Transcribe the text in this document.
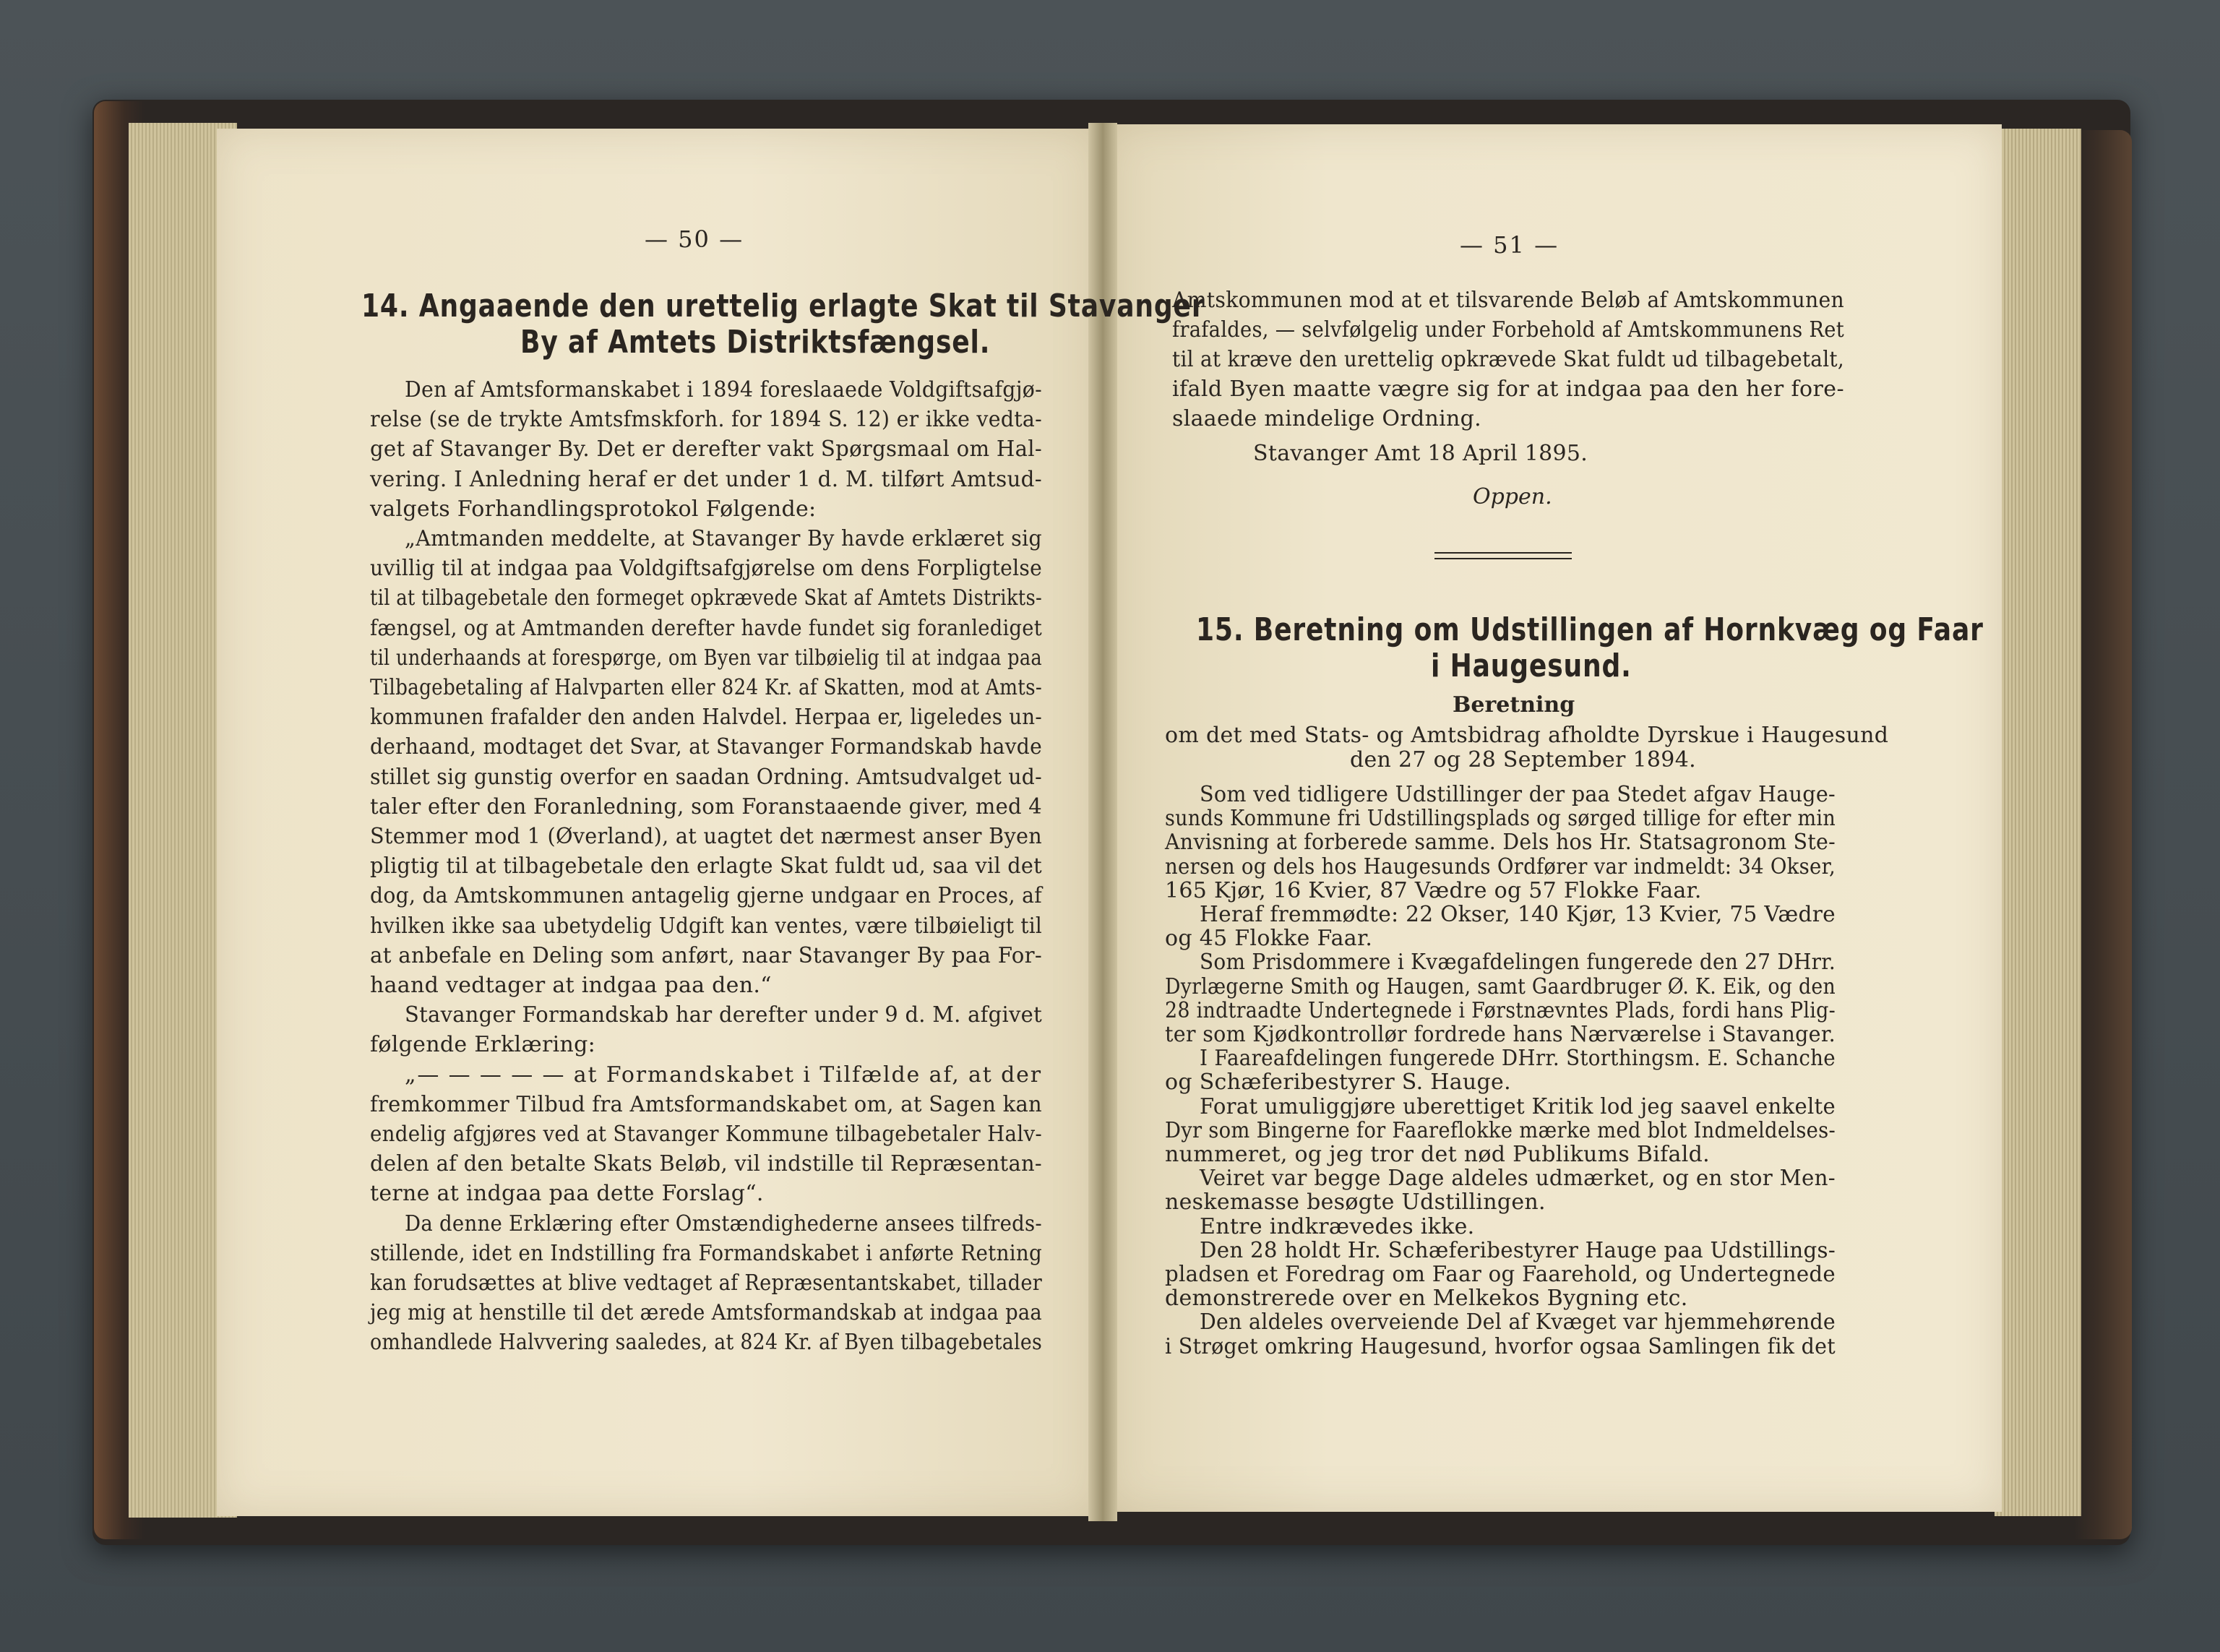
— 50 —
14. Angaaende den urettelig erlagte Skat til Stavanger
By af Amtets Distriktsfængsel.
Den af Amtsformanskabet i 1894 foreslaaede Voldgiftsafgjø-
relse (se de trykte Amtsfmskforh. for 1894 S. 12) er ikke vedta-
get af Stavanger By. Det er derefter vakt Spørgsmaal om Hal-
vering. I Anledning heraf er det under 1 d. M. tilført Amtsud-
valgets Forhandlingsprotokol Følgende:
„Amtmanden meddelte, at Stavanger By havde erklæret sig
uvillig til at indgaa paa Voldgiftsafgjørelse om dens Forpligtelse
til at tilbagebetale den formeget opkrævede Skat af Amtets Distrikts-
fængsel, og at Amtmanden derefter havde fundet sig foranlediget
til underhaands at forespørge, om Byen var tilbøielig til at indgaa paa
Tilbagebetaling af Halvparten eller 824 Kr. af Skatten, mod at Amts-
kommunen frafalder den anden Halvdel. Herpaa er, ligeledes un-
derhaand, modtaget det Svar, at Stavanger Formandskab havde
stillet sig gunstig overfor en saadan Ordning. Amtsudvalget ud-
taler efter den Foranledning, som Foranstaaende giver, med 4
Stemmer mod 1 (Øverland), at uagtet det nærmest anser Byen
pligtig til at tilbagebetale den erlagte Skat fuldt ud, saa vil det
dog, da Amtskommunen antagelig gjerne undgaar en Proces, af
hvilken ikke saa ubetydelig Udgift kan ventes, være tilbøieligt til
at anbefale en Deling som anført, naar Stavanger By paa For-
haand vedtager at indgaa paa den.“
Stavanger Formandskab har derefter under 9 d. M. afgivet
følgende Erklæring:
„— — — — — at Formandskabet i Tilfælde af, at der
fremkommer Tilbud fra Amtsformandskabet om, at Sagen kan
endelig afgjøres ved at Stavanger Kommune tilbagebetaler Halv-
delen af den betalte Skats Beløb, vil indstille til Repræsentan-
terne at indgaa paa dette Forslag“.
Da denne Erklæring efter Omstændighederne ansees tilfreds-
stillende, idet en Indstilling fra Formandskabet i anførte Retning
kan forudsættes at blive vedtaget af Repræsentantskabet, tillader
jeg mig at henstille til det ærede Amtsformandskab at indgaa paa
omhandlede Halvvering saaledes, at 824 Kr. af Byen tilbagebetales
— 51 —
Amtskommunen mod at et tilsvarende Beløb af Amtskommunen
frafaldes, — selvfølgelig under Forbehold af Amtskommunens Ret
til at kræve den urettelig opkrævede Skat fuldt ud tilbagebetalt,
ifald Byen maatte vægre sig for at indgaa paa den her fore-
slaaede mindelige Ordning.
Stavanger Amt 18 April 1895.
Oppen.
15. Beretning om Udstillingen af Hornkvæg og Faar
i Haugesund.
Beretning
om det med Stats- og Amtsbidrag afholdte Dyrskue i Haugesund
den 27 og 28 September 1894.
Som ved tidligere Udstillinger der paa Stedet afgav Hauge-
sunds Kommune fri Udstillingsplads og sørged tillige for efter min
Anvisning at forberede samme. Dels hos Hr. Statsagronom Ste-
nersen og dels hos Haugesunds Ordfører var indmeldt: 34 Okser,
165 Kjør, 16 Kvier, 87 Vædre og 57 Flokke Faar.
Heraf fremmødte: 22 Okser, 140 Kjør, 13 Kvier, 75 Vædre
og 45 Flokke Faar.
Som Prisdommere i Kvægafdelingen fungerede den 27 DHrr.
Dyrlægerne Smith og Haugen, samt Gaardbruger Ø. K. Eik, og den
28 indtraadte Undertegnede i Førstnævntes Plads, fordi hans Plig-
ter som Kjødkontrollør fordrede hans Nærværelse i Stavanger.
I Faareafdelingen fungerede DHrr. Storthingsm. E. Schanche
og Schæferibestyrer S. Hauge.
Forat umuliggjøre uberettiget Kritik lod jeg saavel enkelte
Dyr som Bingerne for Faareflokke mærke med blot Indmeldelses-
nummeret, og jeg tror det nød Publikums Bifald.
Veiret var begge Dage aldeles udmærket, og en stor Men-
neskemasse besøgte Udstillingen.
Entre indkrævedes ikke.
Den 28 holdt Hr. Schæferibestyrer Hauge paa Udstillings-
pladsen et Foredrag om Faar og Faarehold, og Undertegnede
demonstrerede over en Melkekos Bygning etc.
Den aldeles overveiende Del af Kvæget var hjemmehørende
i Strøget omkring Haugesund, hvorfor ogsaa Samlingen fik det
